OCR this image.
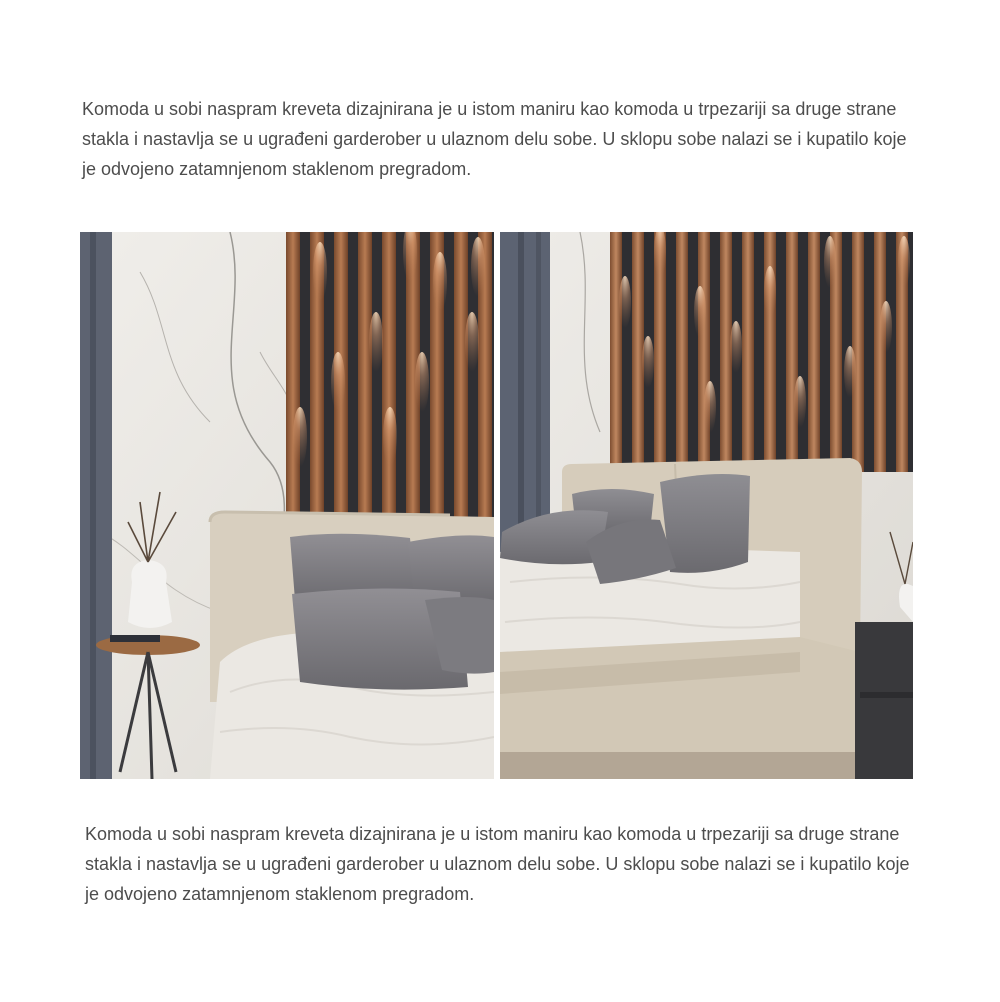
Komoda u sobi naspram kreveta dizajnirana je u istom maniru kao komoda u trpezariji sa druge strane stakla i nastavlja se u ugrađeni garderober u ulaznom delu sobe. U sklopu sobe nalazi se i kupatilo koje je odvojeno zatamnjenom staklenom pregradom.

Komoda u sobi naspram kreveta dizajnirana je u istom maniru kao komoda u trpezariji sa druge strane stakla i nastavlja se u ugrađeni garderober u ulaznom delu sobe. U sklopu sobe nalazi se i kupatilo koje je odvojeno zatamnjenom staklenom pregradom.
